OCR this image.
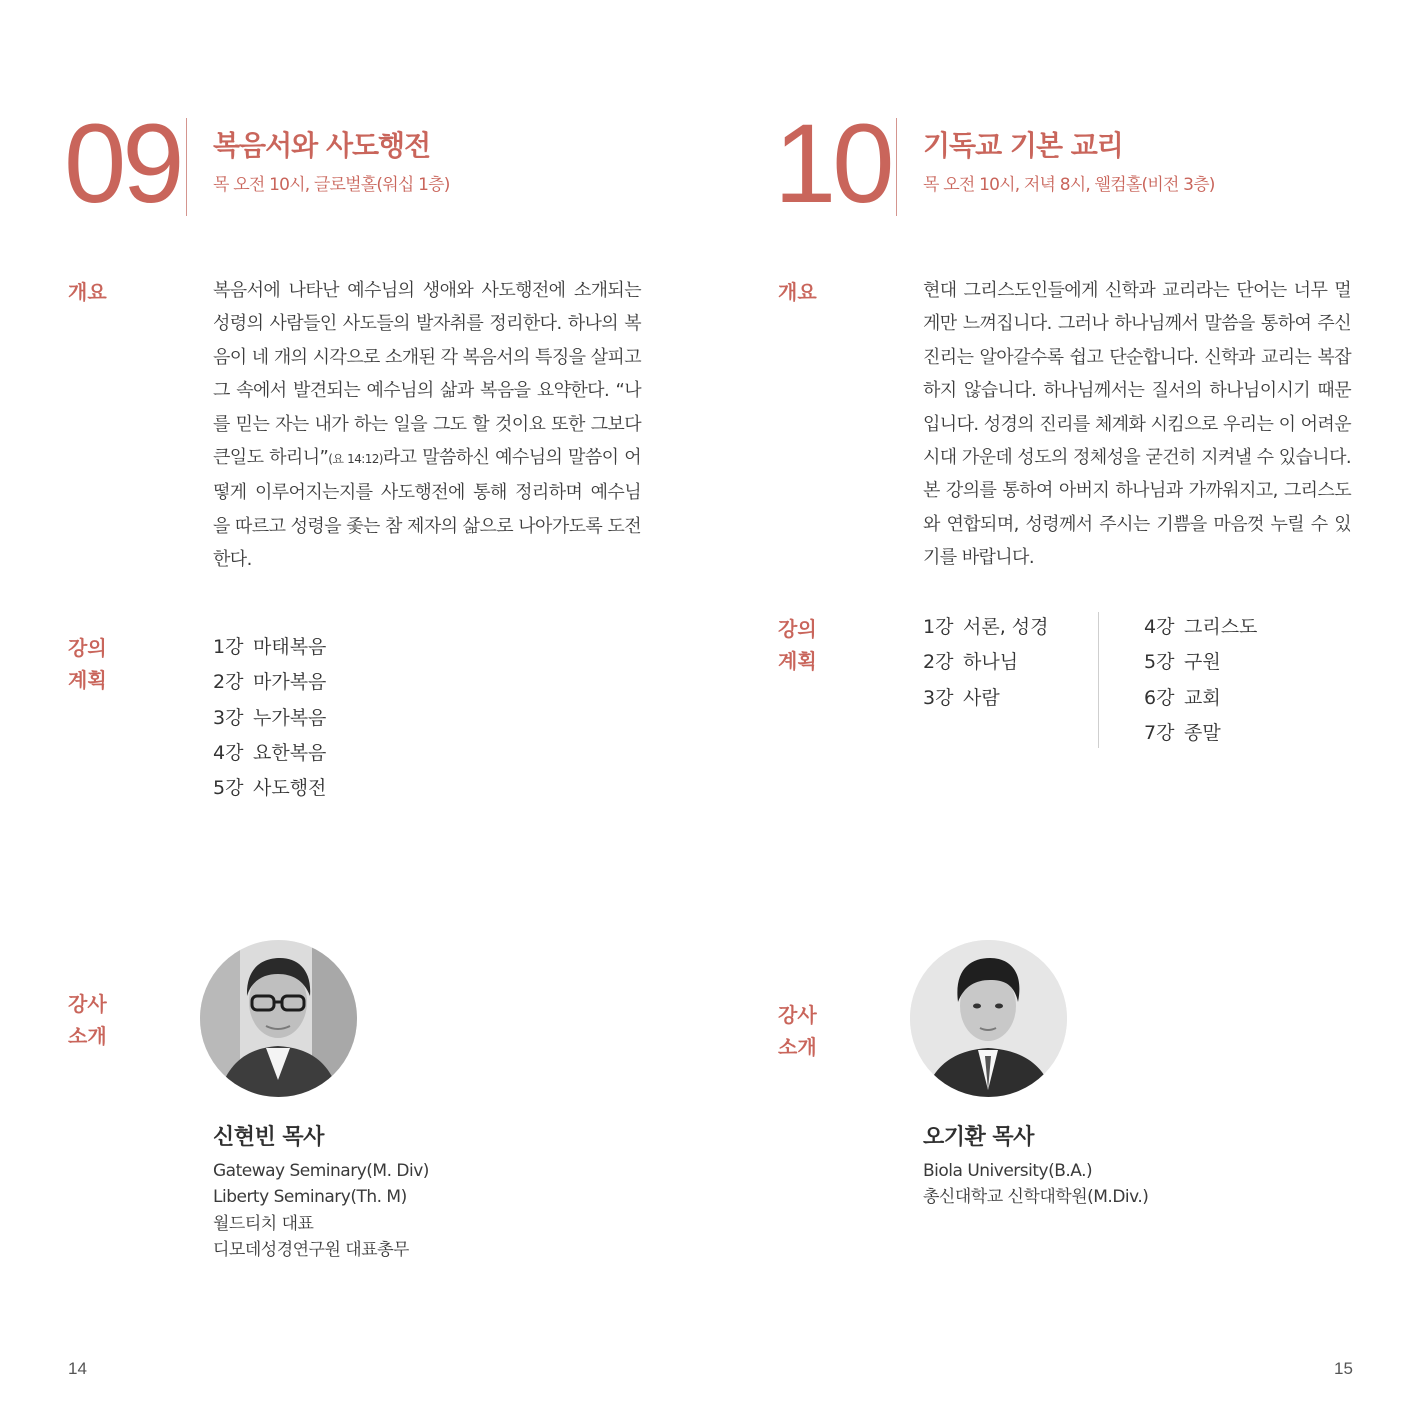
09 복음서와 사도행전
목 오전 10시, 글로벌홀(워십 1층)
개요	복음서에 나타난 예수님의 생애와 사도행전에 소개되는 성령의 사람들인 사도들의 발자취를 정리한다. 하나의 복음이 네 개의 시각으로 소개된 각 복음서의 특징을 살피고 그 속에서 발견되는 예수님의 삶과 복음을 요약한다. “나를 믿는 자는 내가 하는 일을 그도 할 것이요 또한 그보다 큰일도 하리니”(요 14:12)라고 말씀하신 예수님의 말씀이 어떻게 이루어지는지를 사도행전에 통해 정리하며 예수님을 따르고 성령을 좇는 참 제자의 삶으로 나아가도록 도전한다.

강의
계획
1강 마태복음
2강 마가복음
3강 누가복음
4강 요한복음
5강 사도행전
강사
소개
신현빈 목사
Gateway Seminary(M. Div)
Liberty Seminary(Th. M)
월드티치 대표
디모데성경연구원 대표총무
14
10 기독교 기본 교리
목 오전 10시, 저녁 8시, 웰컴홀(비전 3층)
개요	현대 그리스도인들에게 신학과 교리라는 단어는 너무 멀게만 느껴집니다. 그러나 하나님께서 말씀을 통하여 주신 진리는 알아갈수록 쉽고 단순합니다. 신학과 교리는 복잡하지 않습니다. 하나님께서는 질서의 하나님이시기 때문입니다. 성경의 진리를 체계화 시킴으로 우리는 이 어려운 시대 가운데 성도의 정체성을 굳건히 지켜낼 수 있습니다. 본 강의를 통하여 아버지 하나님과 가까워지고, 그리스도와 연합되며, 성령께서 주시는 기쁨을 마음껏 누릴 수 있기를 바랍니다.

강의
계획
1강 서론, 성경
2강 하나님
3강 사람
4강 그리스도
5강 구원
6강 교회
7강 종말
강사
소개
오기환 목사
Biola University(B.A.)
총신대학교 신학대학원(M.Div.)
15
